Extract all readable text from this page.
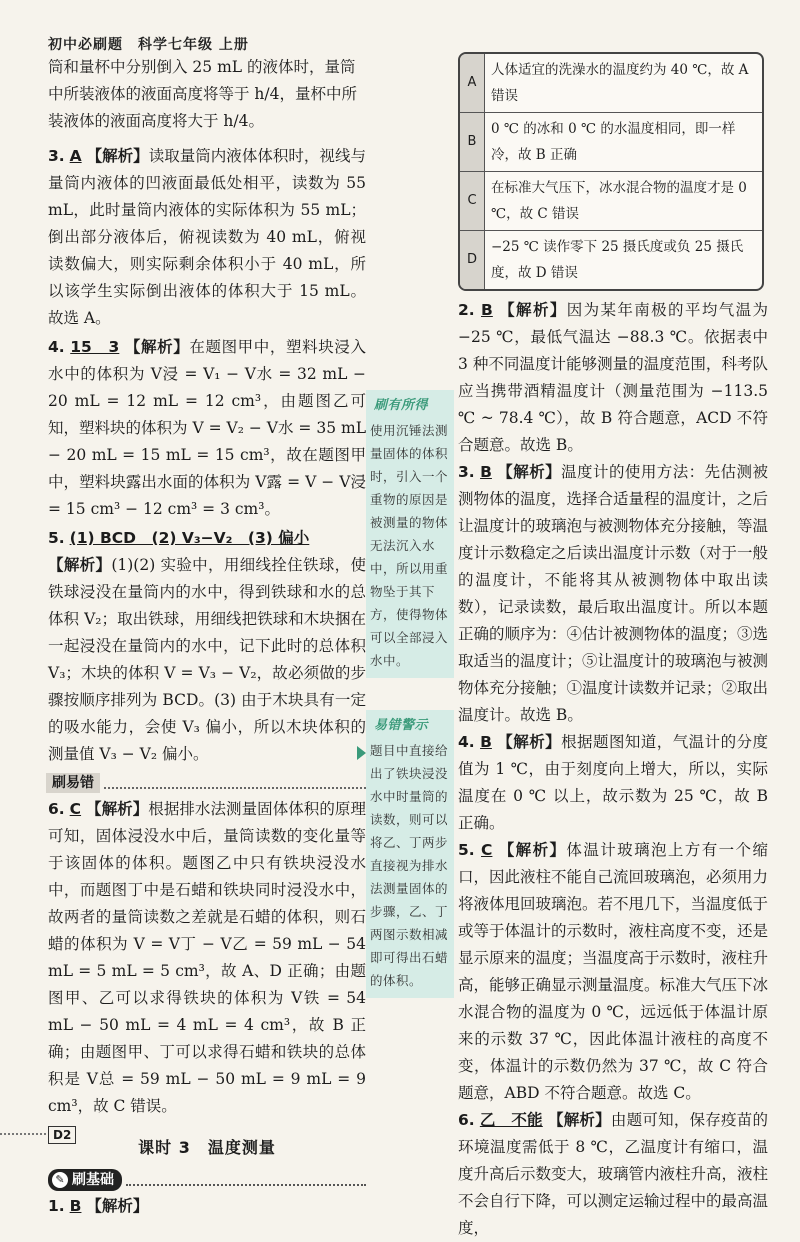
初中必刷题　科学七年级 上册

筒和量杯中分别倒入 25 mL 的液体时，量筒

中所装液体的液面高度将等于 h/4，量杯中所

装液体的液面高度将大于 h/4。

3. A 【解析】读取量筒内液体体积时，视线与量筒内液体的凹液面最低处相平，读数为 55 mL，此时量筒内液体的实际体积为 55 mL；倒出部分液体后，俯视读数为 40 mL，俯视读数偏大，则实际剩余体积小于 40 mL，所以该学生实际倒出液体的体积大于 15 mL。故选 A。

4. 15　3 【解析】在题图甲中，塑料块浸入水中的体积为 V浸 = V₁ − V水 = 32 mL − 20 mL = 12 mL = 12 cm³，由题图乙可知，塑料块的体积为 V = V₂ − V水 = 35 mL − 20 mL = 15 mL = 15 cm³，故在题图甲中，塑料块露出水面的体积为 V露 = V − V浸 = 15 cm³ − 12 cm³ = 3 cm³。

5. (1) BCD　(2) V₃−V₂　(3) 偏小
【解析】(1)(2) 实验中，用细线拴住铁球，使铁球浸没在量筒内的水中，得到铁球和水的总体积 V₂；取出铁球，用细线把铁球和木块捆在一起浸没在量筒内的水中，记下此时的总体积 V₃；木块的体积 V = V₃ − V₂，故必须做的步骤按顺序排列为 BCD。(3) 由于木块具有一定的吸水能力，会使 V₃ 偏小，所以木块体积的测量值 V₃ − V₂ 偏小。

刷易错

6. C 【解析】根据排水法测量固体体积的原理可知，固体浸没水中后，量筒读数的变化量等于该固体的体积。题图乙中只有铁块浸没水中，而题图丁中是石蜡和铁块同时浸没水中，故两者的量筒读数之差就是石蜡的体积，则石蜡的体积为 V = V丁 − V乙 = 59 mL − 54 mL = 5 mL = 5 cm³，故 A、D 正确；由题图甲、乙可以求得铁块的体积为 V铁 = 54 mL − 50 mL = 4 mL = 4 cm³，故 B 正确；由题图甲、丁可以求得石蜡和铁块的总体积是 V总 = 59 mL − 50 mL = 9 mL = 9 cm³，故 C 错误。

课时 3　温度测量
✎ 刷基础

1. B 【解析】

刷有所得
使用沉锤法测量固体的体积时，引入一个重物的原因是被测量的物体无法沉入水中，所以用重物坠于其下方，使得物体可以全部浸入水中。
易错警示
题目中直接给出了铁块浸没水中时量筒的读数，则可以将乙、丁两步直接视为排水法测量固体的步骤，乙、丁两图示数相减即可得出石蜡的体积。
A
人体适宜的洗澡水的温度约为 40 ℃，故 A 错误
B
0 ℃ 的冰和 0 ℃ 的水温度相同，即一样冷，故 B 正确
C
在标准大气压下，冰水混合物的温度才是 0 ℃，故 C 错误
D
−25 ℃ 读作零下 25 摄氏度或负 25 摄氏度，故 D 错误

2. B 【解析】因为某年南极的平均气温为 −25 ℃，最低气温达 −88.3 ℃。依据表中 3 种不同温度计能够测量的温度范围，科考队应当携带酒精温度计（测量范围为 −113.5 ℃ ~ 78.4 ℃），故 B 符合题意，ACD 不符合题意。故选 B。

3. B 【解析】温度计的使用方法：先估测被测物体的温度，选择合适量程的温度计，之后让温度计的玻璃泡与被测物体充分接触，等温度计示数稳定之后读出温度计示数（对于一般的温度计，不能将其从被测物体中取出读数），记录读数，最后取出温度计。所以本题正确的顺序为：④估计被测物体的温度；③选取适当的温度计；⑤让温度计的玻璃泡与被测物体充分接触；①温度计读数并记录；②取出温度计。故选 B。

4. B 【解析】根据题图知道，气温计的分度值为 1 ℃，由于刻度向上增大，所以，实际温度在 0 ℃ 以上，故示数为 25 ℃，故 B 正确。

5. C 【解析】体温计玻璃泡上方有一个缩口，因此液柱不能自己流回玻璃泡，必须用力将液体甩回玻璃泡。若不甩几下，当温度低于或等于体温计的示数时，液柱高度不变，还是显示原来的温度；当温度高于示数时，液柱升高，能够正确显示测量温度。标准大气压下冰水混合物的温度为 0 ℃，远远低于体温计原来的示数 37 ℃，因此体温计液柱的高度不变，体温计的示数仍然为 37 ℃，故 C 符合题意，ABD 不符合题意。故选 C。

6. 乙　不能 【解析】由题可知，保存疫苗的环境温度需低于 8 ℃，乙温度计有缩口，温度升高后示数变大，玻璃管内液柱升高，液柱不会自行下降，可以测定运输过程中的最高温度，

D2
